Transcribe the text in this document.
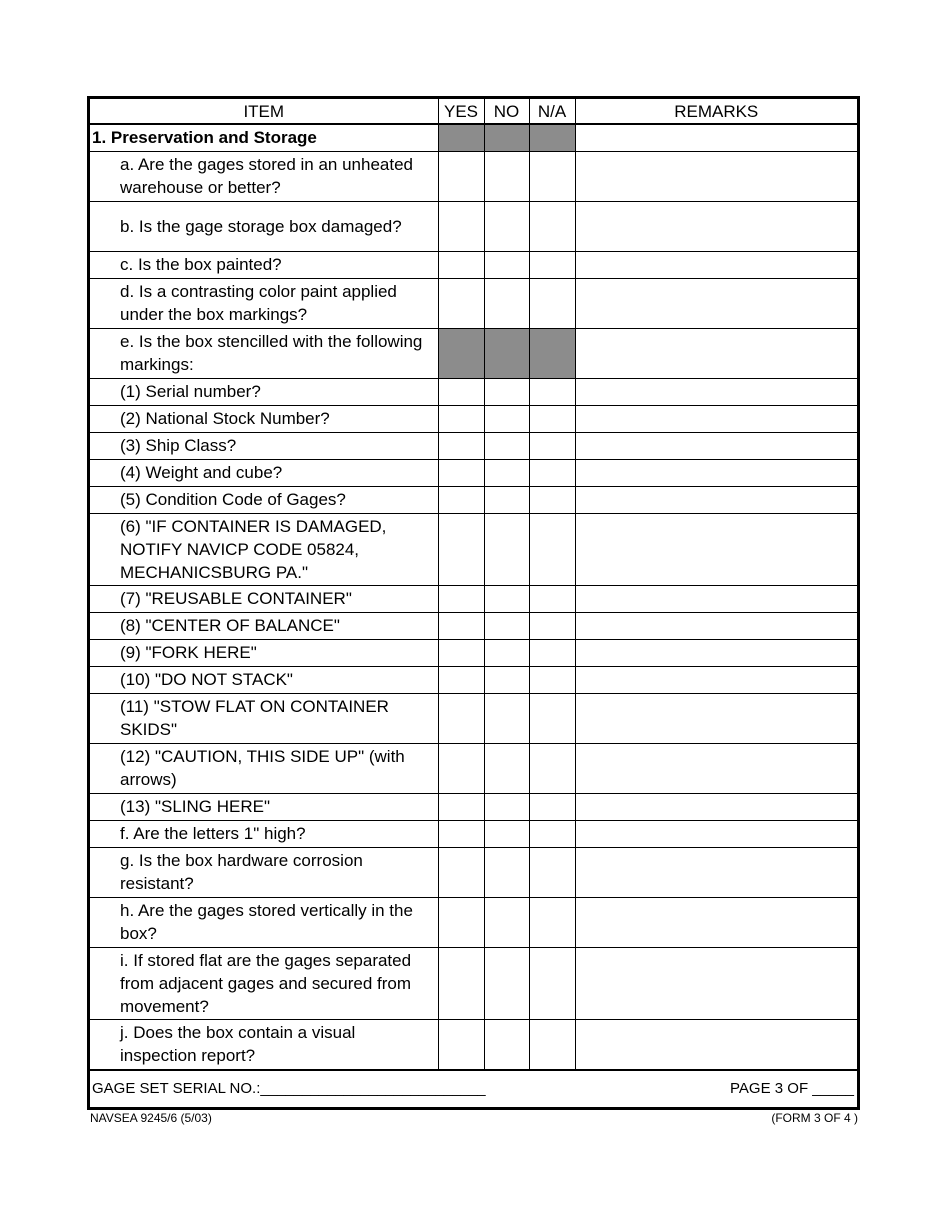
ITEM	YES	NO	N/A	REMARKS
1. Preservation and Storage				
a. Are the gages stored in an unheated warehouse or better?				
b. Is the gage storage box damaged?				
c. Is the box painted?				
d. Is a contrasting color paint applied under the box markings?				
e. Is the box stencilled with the following markings:				
(1) Serial number?				
(2) National Stock Number?				
(3) Ship Class?				
(4) Weight and cube?				
(5) Condition Code of Gages?				
(6) "IF CONTAINER IS DAMAGED, NOTIFY NAVICP CODE 05824, MECHANICSBURG PA."				
(7) "REUSABLE CONTAINER"				
(8) "CENTER OF BALANCE"				
(9) "FORK HERE"				
(10) "DO NOT STACK"				
(11) "STOW FLAT ON CONTAINER SKIDS"				
(12) "CAUTION, THIS SIDE UP" (with arrows)				
(13) "SLING HERE"				
f. Are the letters 1" high?				
g. Is the box hardware corrosion resistant?				
h. Are the gages stored vertically in the box?				
i. If stored flat are the gages separated from adjacent gages and secured from movement?				
j. Does the box contain a visual inspection report?				
GAGE SET SERIAL NO.:___________________________	PAGE 3 OF _____
NAVSEA 9245/6 (5/03)	(FORM 3 OF 4 )
